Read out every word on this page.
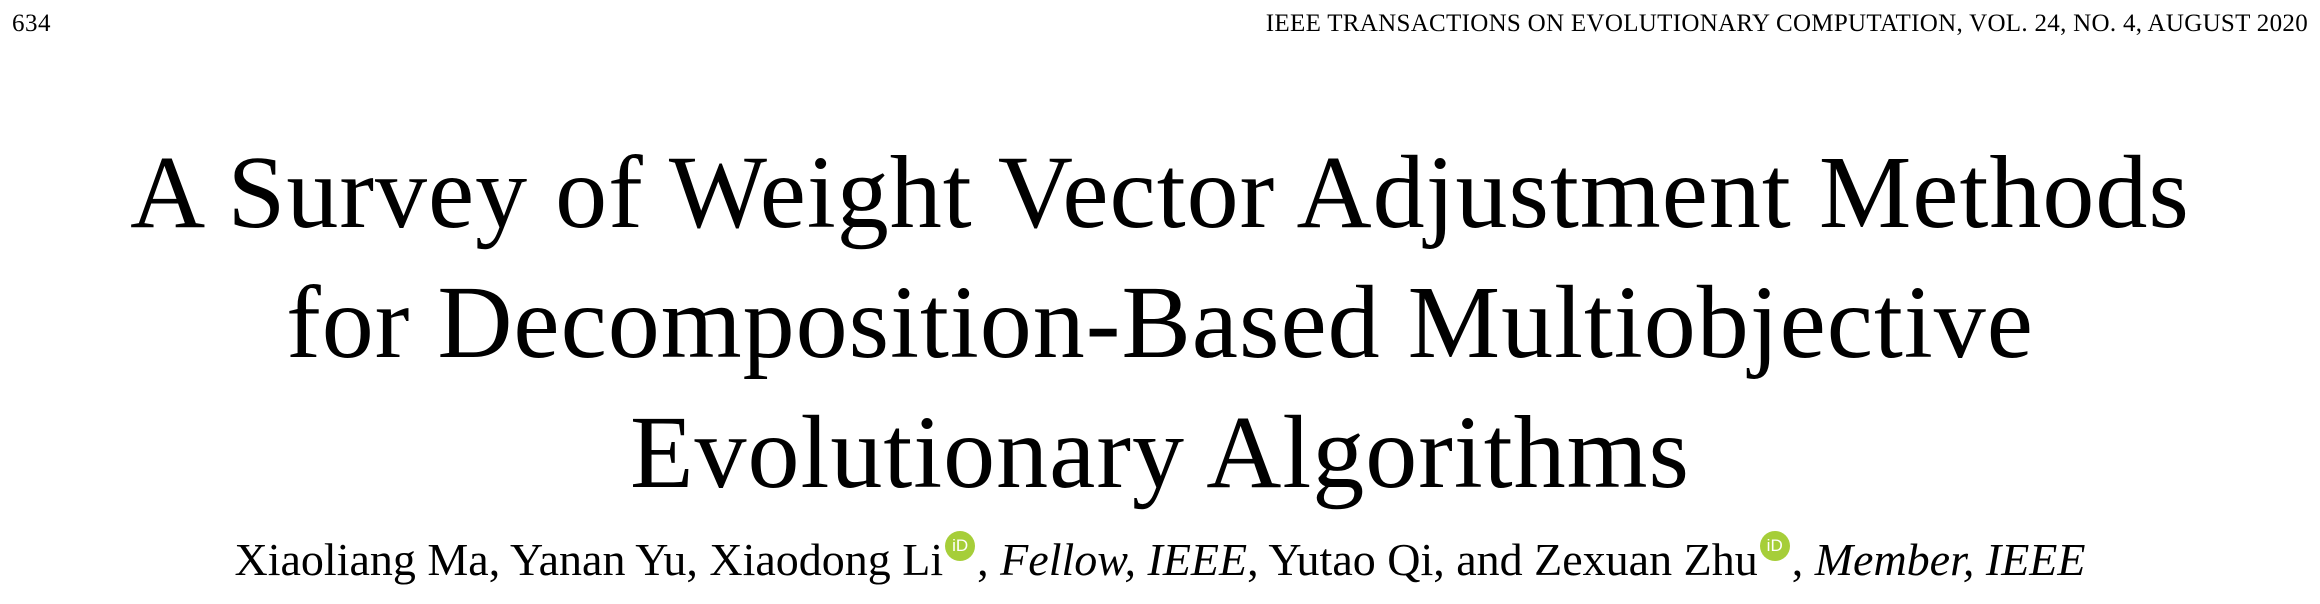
634	IEEE TRANSACTIONS ON EVOLUTIONARY COMPUTATION, VOL. 24, NO. 4, AUGUST 2020
A Survey of Weight Vector Adjustment Methods
for Decomposition-Based Multiobjective
Evolutionary Algorithms
Xiaoliang Ma, Yanan Yu, Xiaodong Li iD , Fellow, IEEE, Yutao Qi, and Zexuan Zhu iD , Member, IEEE
